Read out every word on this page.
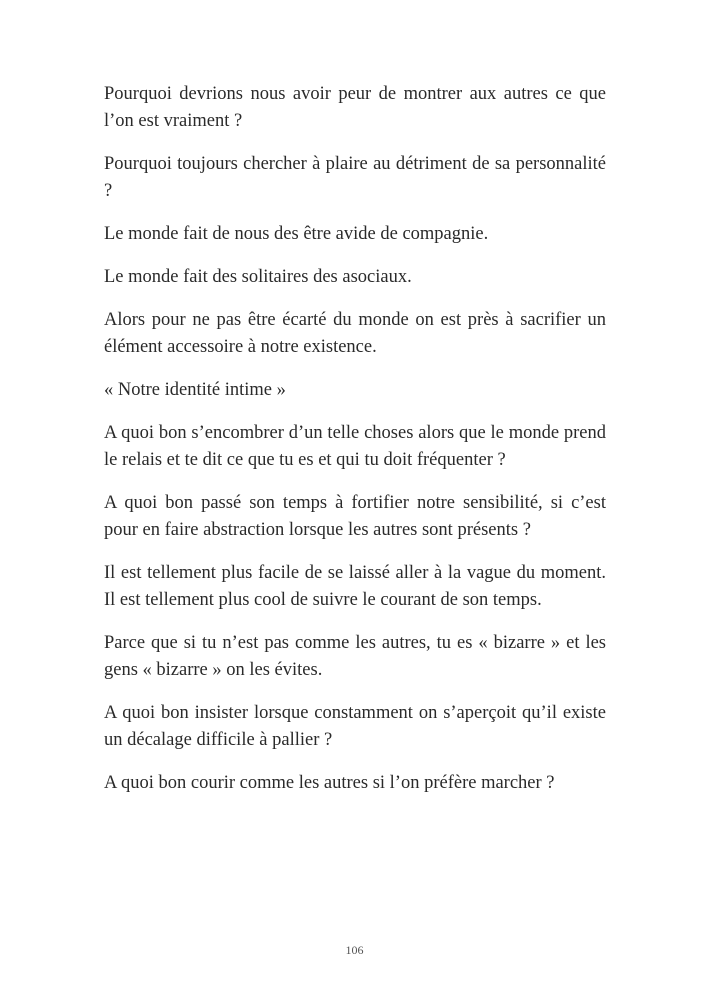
Pourquoi devrions nous avoir peur de montrer aux autres ce que l’on est vraiment ?

Pourquoi toujours chercher à plaire au détriment de sa personnalité ?

Le monde fait de nous des être avide de compagnie.

Le monde fait des solitaires des asociaux.

Alors pour ne pas être écarté du monde on est près à sacrifier un élément accessoire à notre existence.

« Notre identité intime »

A quoi bon s’encombrer d’un telle choses alors que le monde prend le relais et te dit ce que tu es et qui tu doit fréquenter ?

A quoi bon passé son temps à fortifier notre sensibilité, si c’est pour en faire abstraction lorsque les autres sont présents ?

Il est tellement plus facile de se laissé aller à la vague du moment. Il est tellement plus cool de suivre le courant de son temps.

Parce que si tu n’est pas comme les autres, tu es « bizarre » et les gens « bizarre » on les évites.

A quoi bon insister lorsque constamment on s’aperçoit qu’il existe un décalage difficile à pallier ?

A quoi bon courir comme les autres si l’on préfère marcher ?

106
